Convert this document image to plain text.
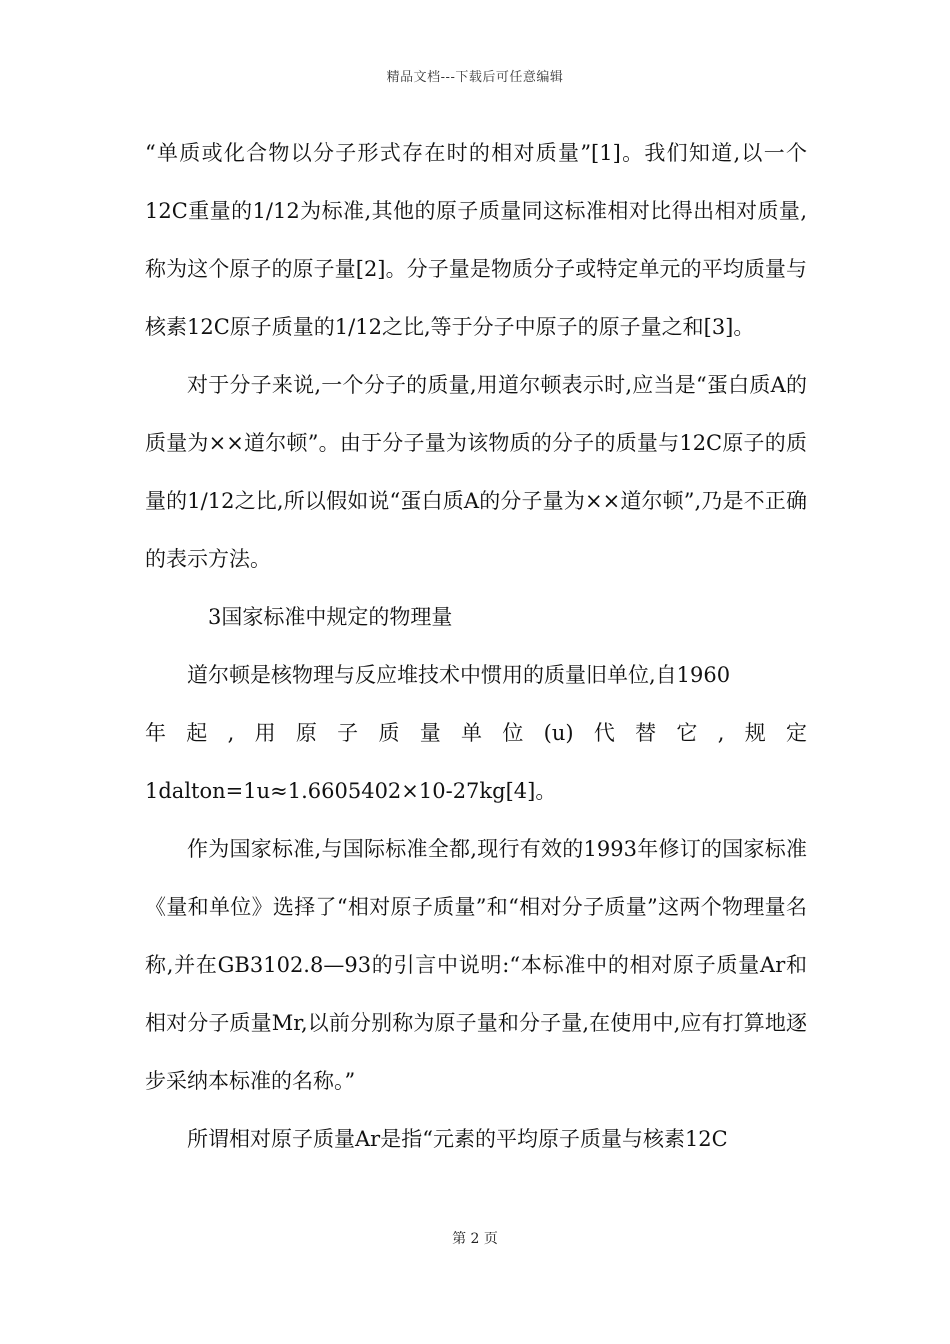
精品文档---下载后可任意编辑

“单质或化合物以分子形式存在时的相对质量”[1]。我们知道,以一个12C重量的1/12为标准,其他的原子质量同这标准相对比得出相对质量,称为这个原子的原子量[2]。分子量是物质分子或特定单元的平均质量与核素12C原子质量的1/12之比,等于分子中原子的原子量之和[3]。

对于分子来说,一个分子的质量,用道尔顿表示时,应当是“蛋白质A的质量为××道尔顿”。由于分子量为该物质的分子的质量与12C原子的质量的1/12之比,所以假如说“蛋白质A的分子量为××道尔顿”,乃是不正确的表示方法。

3国家标准中规定的物理量

道尔顿是核物理与反应堆技术中惯用的质量旧单位,自1960

年起,用原子质量单位(u)代替它,规定

1dalton=1u≈1.6605402×10-27kg[4]。

作为国家标准,与国际标准全都,现行有效的1993年修订的国家标准《量和单位》选择了“相对原子质量”和“相对分子质量”这两个物理量名称,并在GB3102.8—93的引言中说明:“本标准中的相对原子质量Ar和相对分子质量Mr,以前分别称为原子量和分子量,在使用中,应有打算地逐步采纳本标准的名称。”

所谓相对原子质量Ar是指“元素的平均原子质量与核素12C

第 2 页
